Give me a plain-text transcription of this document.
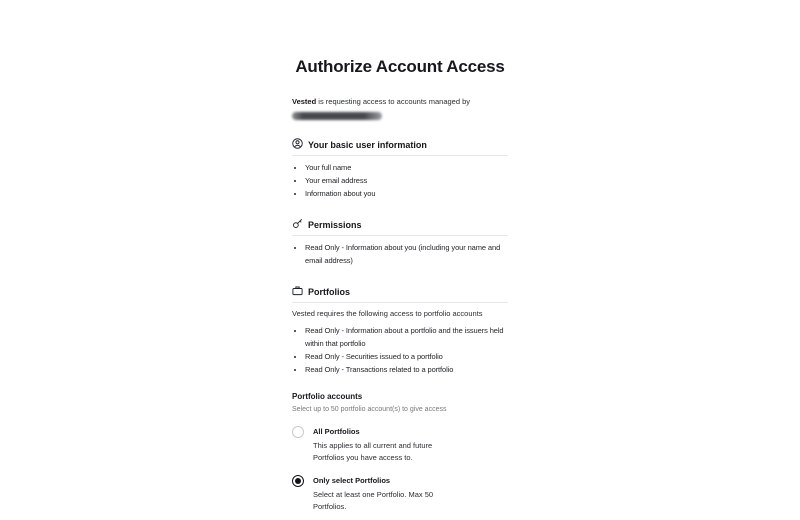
Authorize Account Access

Vested is requesting access to accounts managed by

Your basic user information
• Your full name
• Your email address
• Information about you
Permissions
• Read Only - Information about you (including your name and email address)
Portfolios

Vested requires the following access to portfolio accounts

• Read Only - Information about a portfolio and the issuers held within that portfolio
• Read Only - Securities issued to a portfolio
• Read Only - Transactions related to a portfolio
Portfolio accounts
Select up to 50 portfolio account(s) to give access
All Portfolios
This applies to all current and future Portfolios you have access to.
Only select Portfolios
Select at least one Portfolio. Max 50 Portfolios.
